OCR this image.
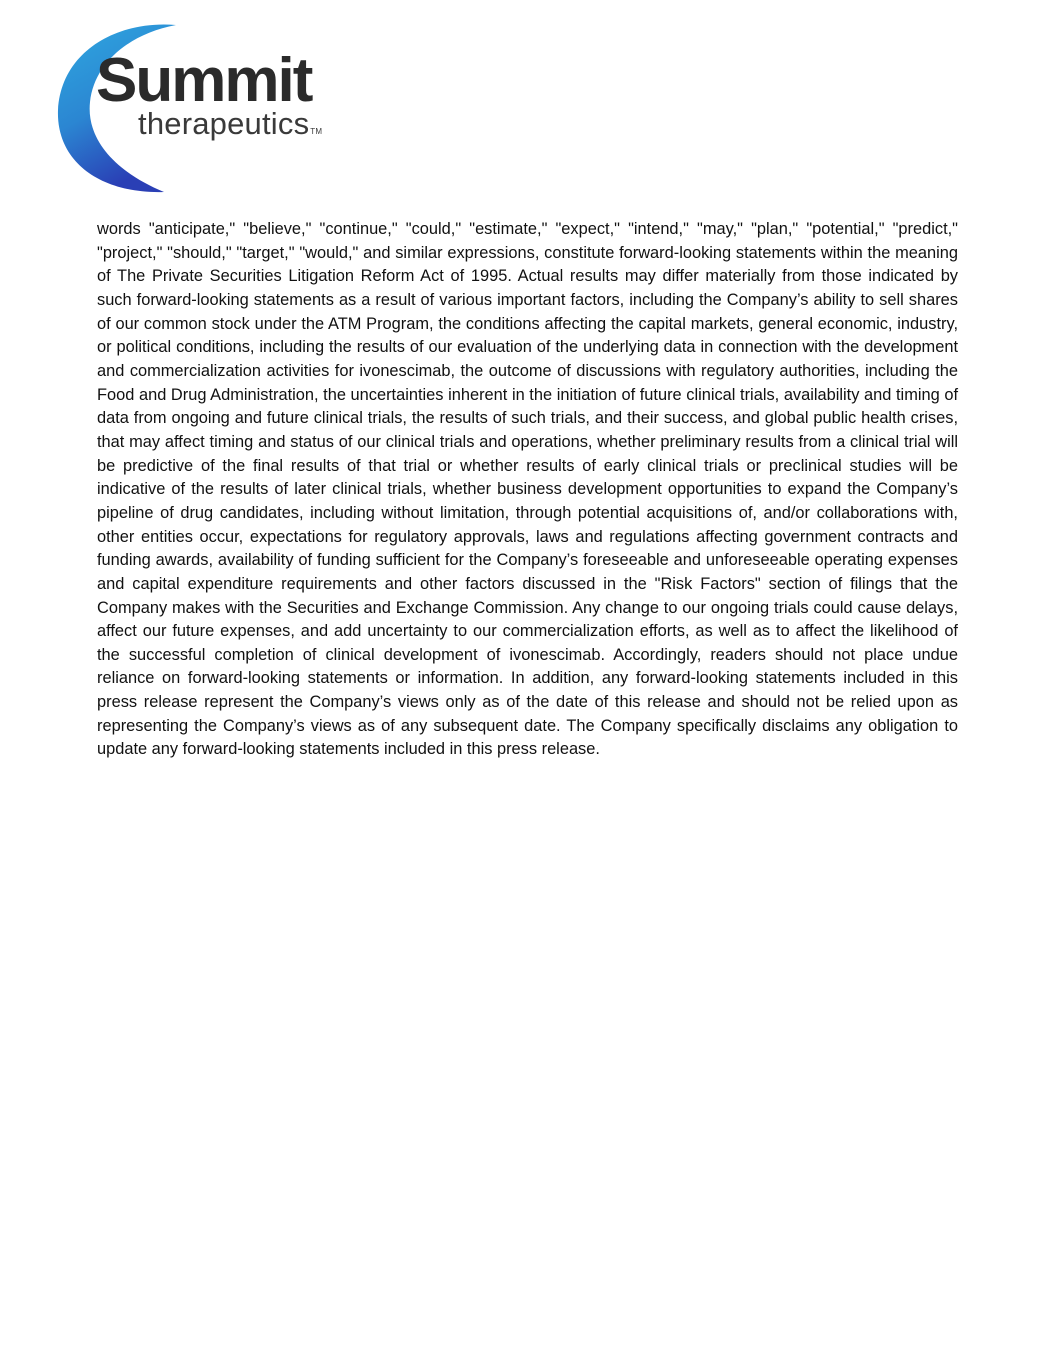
Summit
therapeuticsTM

words "anticipate," "believe," "continue," "could," "estimate," "expect," "intend," "may," "plan," "potential," "predict," "project," "should," "target," "would," and similar expressions, constitute forward-looking statements within the meaning of The Private Securities Litigation Reform Act of 1995. Actual results may differ materially from those indicated by such forward-looking statements as a result of various important factors, including the Company’s ability to sell shares of our common stock under the ATM Program, the conditions affecting the capital markets, general economic, industry, or political conditions, including the results of our evaluation of the underlying data in connection with the development and commercialization activities for ivonescimab, the outcome of discussions with regulatory authorities, including the Food and Drug Administration, the uncertainties inherent in the initiation of future clinical trials, availability and timing of data from ongoing and future clinical trials, the results of such trials, and their success, and global public health crises, that may affect timing and status of our clinical trials and operations, whether preliminary results from a clinical trial will be predictive of the final results of that trial or whether results of early clinical trials or preclinical studies will be indicative of the results of later clinical trials, whether business development opportunities to expand the Company’s pipeline of drug candidates, including without limitation, through potential acquisitions of, and/or collaborations with, other entities occur, expectations for regulatory approvals, laws and regulations affecting government contracts and funding awards, availability of funding sufficient for the Company’s foreseeable and unforeseeable operating expenses and capital expenditure requirements and other factors discussed in the "Risk Factors" section of filings that the Company makes with the Securities and Exchange Commission. Any change to our ongoing trials could cause delays, affect our future expenses, and add uncertainty to our commercialization efforts, as well as to affect the likelihood of the successful completion of clinical development of ivonescimab. Accordingly, readers should not place undue reliance on forward-looking statements or information. In addition, any forward-looking statements included in this press release represent the Company’s views only as of the date of this release and should not be relied upon as representing the Company’s views as of any subsequent date. The Company specifically disclaims any obligation to update any forward-looking statements included in this press release.
